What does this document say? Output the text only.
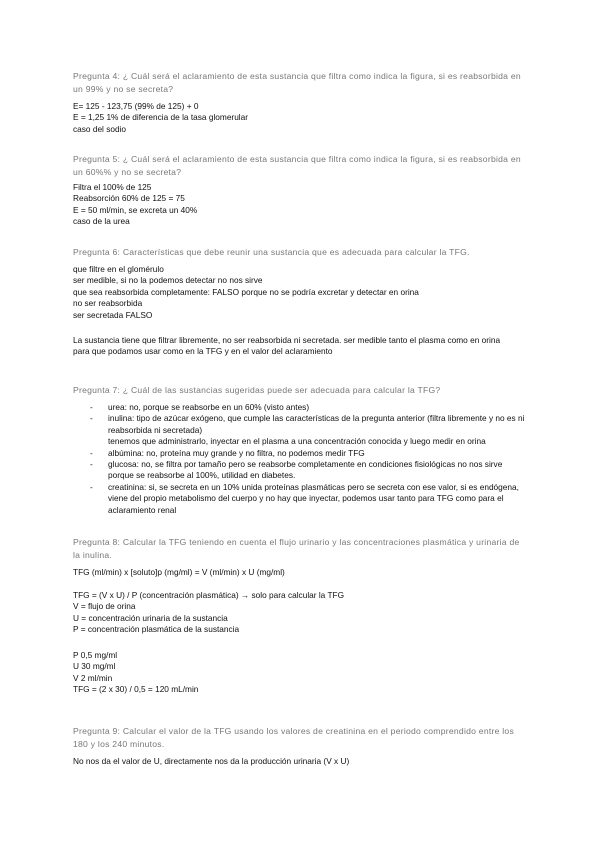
Pregunta 4: ¿ Cuál será el aclaramiento de esta sustancia que filtra como indica la figura, si es reabsorbida en un 99% y no se secreta?
E= 125 - 123,75 (99% de 125) + 0
E = 1,25 1% de diferencia de la tasa glomerular
caso del sodio
Pregunta 5: ¿ Cuál será el aclaramiento de esta sustancia que filtra como indica la figura, si es reabsorbida en un 60%% y no se secreta?
Filtra el 100% de 125
Reabsorción 60% de 125 = 75
E = 50 ml/min, se excreta un 40%
caso de la urea
Pregunta 6: Características que debe reunir una sustancia que es adecuada para calcular la TFG.
que filtre en el glomérulo
ser medible, si no la podemos detectar no nos sirve
que sea reabsorbida completamente: FALSO porque no se podría excretar y detectar en orina
no ser reabsorbida
ser secretada FALSO
La sustancia tiene que filtrar libremente, no ser reabsorbida ni secretada. ser medible tanto el plasma como en orina para que podamos usar como en la TFG y en el valor del aclaramiento
Pregunta 7: ¿ Cuál de las sustancias sugeridas puede ser adecuada para calcular la TFG?
- urea: no, porque se reabsorbe en un 60% (visto antes)
- inulina: tipo de azúcar exógeno, que cumple las características de la pregunta anterior (filtra libremente y no es ni reabsorbida ni secretada)
tenemos que administrarlo, inyectar en el plasma a una concentración conocida y luego medir en orina
- albúmina: no, proteína muy grande y no filtra, no podemos medir TFG
- glucosa: no, se filtra por tamaño pero se reabsorbe completamente en condiciones fisiológicas no nos sirve porque se reabsorbe al 100%, utilidad en diabetes.
- creatinina: si, se secreta en un 10% unida proteínas plasmáticas pero se secreta con ese valor, si es endógena, viene del propio metabolismo del cuerpo y no hay que inyectar, podemos usar tanto para TFG como para el aclaramiento renal
Pregunta 8: Calcular la TFG teniendo en cuenta el flujo urinario y las concentraciones plasmática y urinaria de la inulina.
TFG (ml/min) x [soluto]p (mg/ml) = V (ml/min) x U (mg/ml)
TFG = (V x U) / P (concentración plasmática) → solo para calcular la TFG
V = flujo de orina
U = concentración urinaria de la sustancia
P = concentración plasmática de la sustancia
P 0,5 mg/ml
U 30 mg/ml
V 2 ml/min
TFG = (2 x 30) / 0,5 = 120 mL/min
Pregunta 9: Calcular el valor de la TFG usando los valores de creatinina en el periodo comprendido entre los 180 y los 240 minutos.
No nos da el valor de U, directamente nos da la producción urinaria (V x U)
